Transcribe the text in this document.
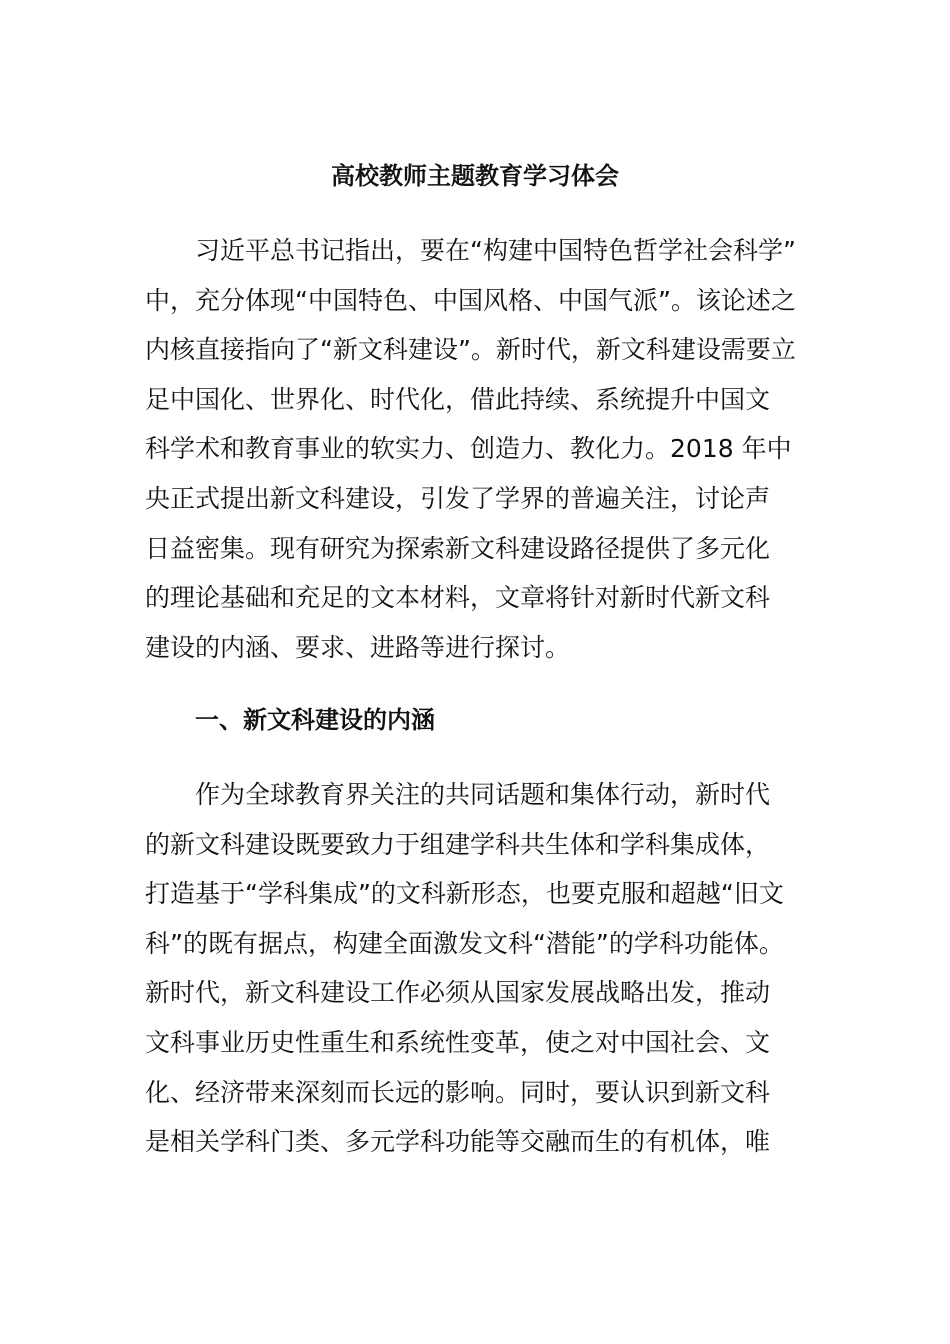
高校教师主题教育学习体会
习近平总书记指出，要在“构建中国特色哲学社会科学”
中，充分体现“中国特色、中国风格、中国气派”。该论述之
内核直接指向了“新文科建设”。新时代，新文科建设需要立
足中国化、世界化、时代化，借此持续、系统提升中国文
科学术和教育事业的软实力、创造力、教化力。2018 年中
央正式提出新文科建设，引发了学界的普遍关注，讨论声
日益密集。现有研究为探索新文科建设路径提供了多元化
的理论基础和充足的文本材料，文章将针对新时代新文科
建设的内涵、要求、进路等进行探讨。
一、新文科建设的内涵
作为全球教育界关注的共同话题和集体行动，新时代
的新文科建设既要致力于组建学科共生体和学科集成体，
打造基于“学科集成”的文科新形态，也要克服和超越“旧文
科”的既有据点，构建全面激发文科“潜能”的学科功能体。
新时代，新文科建设工作必须从国家发展战略出发，推动
文科事业历史性重生和系统性变革，使之对中国社会、文
化、经济带来深刻而长远的影响。同时，要认识到新文科
是相关学科门类、多元学科功能等交融而生的有机体，唯
